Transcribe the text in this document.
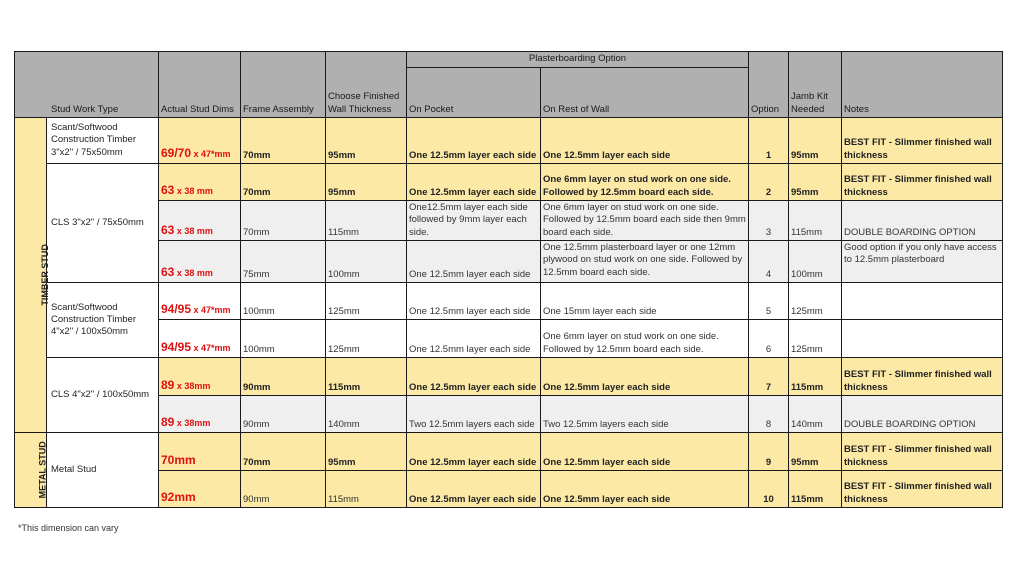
Stud Work Type		Actual Stud Dims	Frame Assembly	Choose Finished Wall Thickness	Plasterboarding Option		Option	Jamb Kit Needed	Notes
					On Pocket	On Rest of Wall			
TIMBER STUD	Scant/Softwood Construction Timber 3"x2" / 75x50mm	69/70 x 47*mm	70mm	95mm	One 12.5mm layer each side	One 12.5mm layer each side	1	95mm	BEST FIT - Slimmer finished wall thickness
	CLS 3"x2" / 75x50mm	63 x 38 mm	70mm	95mm	One 12.5mm layer each side	One 6mm layer on stud work on one side. Followed by 12.5mm board each side.	2	95mm	BEST FIT - Slimmer finished wall thickness
		63 x 38 mm	70mm	115mm	One12.5mm layer each side followed by 9mm layer each side.	One 6mm layer on stud work on one side. Followed by 12.5mm board each side then 9mm board each side.	3	115mm	DOUBLE BOARDING OPTION
		63 x 38 mm	75mm	100mm	One 12.5mm layer each side	One 12.5mm plasterboard layer or one 12mm plywood on stud work on one side. Followed by 12.5mm board each side.	4	100mm	Good option if you only have access to 12.5mm plasterboard
	Scant/Softwood Construction Timber 4"x2" / 100x50mm	94/95 x 47*mm	100mm	125mm	One 12.5mm layer each side	One 15mm layer each side	5	125mm	
		94/95 x 47*mm	100mm	125mm	One 12.5mm layer each side	One 6mm layer on stud work on one side. Followed by 12.5mm board each side.	6	125mm	
	CLS 4"x2" / 100x50mm	89 x 38mm	90mm	115mm	One 12.5mm layer each side	One 12.5mm layer each side	7	115mm	BEST FIT - Slimmer finished wall thickness
		89 x 38mm	90mm	140mm	Two 12.5mm layers each side	Two 12.5mm layers each side	8	140mm	DOUBLE BOARDING OPTION
METAL STUD	Metal Stud	70mm	70mm	95mm	One 12.5mm layer each side	One 12.5mm layer each side	9	95mm	BEST FIT - Slimmer finished wall thickness
		92mm	90mm	115mm	One 12.5mm layer each side	One 12.5mm layer each side	10	115mm	BEST FIT - Slimmer finished wall thickness
*This dimension can vary
